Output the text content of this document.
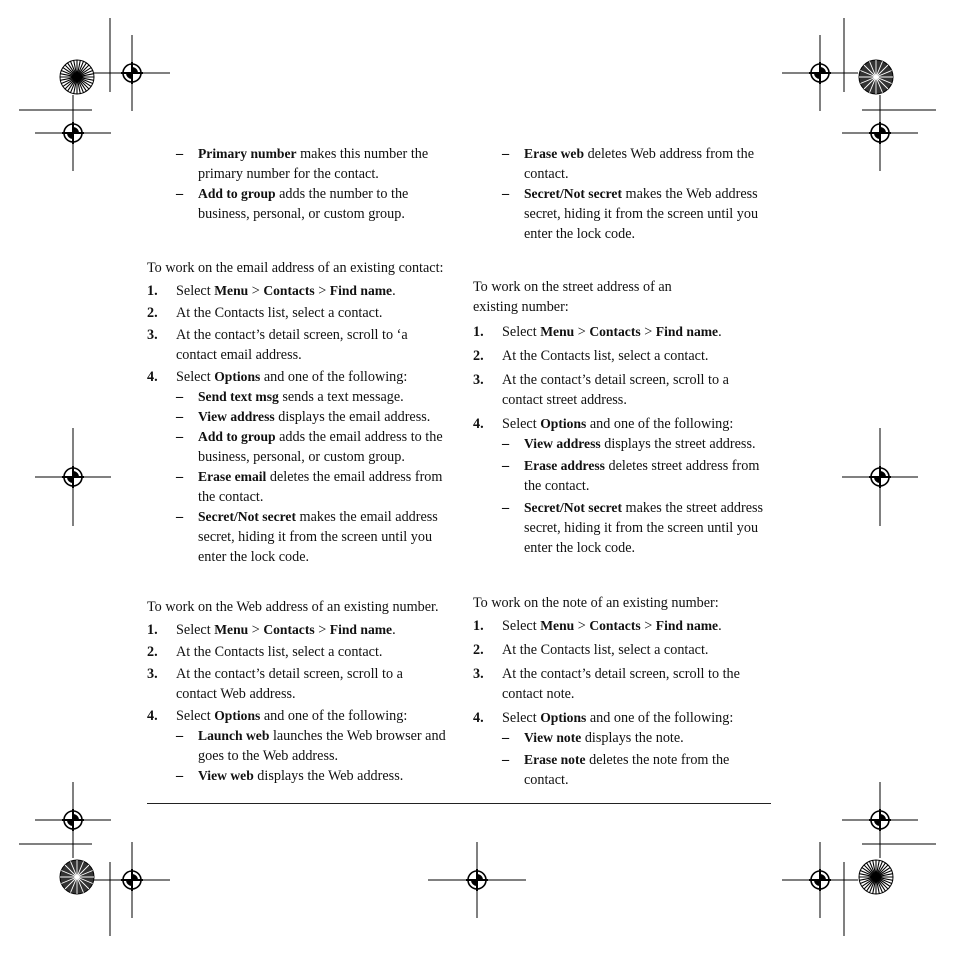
– Primary number makes this number the primary number for the contact.
– Add to group adds the number to the business, personal, or custom group.
– Erase web deletes Web address from the contact.
– Secret/Not secret makes the Web address secret, hiding it from the screen until you enter the lock code.

To work on the email address of an existing contact:

1. Select Menu > Contacts > Find name.
2. At the Contacts list, select a contact.
3. At the contact’s detail screen, scroll to ‘a contact email address.
4. Select Options and one of the following:
– Send text msg sends a text message.
– View address displays the email address.
– Add to group adds the email address to the business, personal, or custom group.
– Erase email deletes the email address from the contact.
– Secret/Not secret makes the email address secret, hiding it from the screen until you enter the lock code.

To work on the Web address of an existing number.

1. Select Menu > Contacts > Find name.
2. At the Contacts list, select a contact.
3. At the contact’s detail screen, scroll to a contact Web address.
4. Select Options and one of the following:
– Launch web launches the Web browser and goes to the Web address.
– View web displays the Web address.

To work on the street address of an existing number:

1. Select Menu > Contacts > Find name.
2. At the Contacts list, select a contact.
3. At the contact’s detail screen, scroll to a contact street address.
4. Select Options and one of the following:
– View address displays the street address.
– Erase address deletes street address from the contact.
– Secret/Not secret makes the street address secret, hiding it from the screen until you enter the lock code.

To work on the note of an existing number:

1. Select Menu > Contacts > Find name.
2. At the Contacts list, select a contact.
3. At the contact’s detail screen, scroll to the contact note.
4. Select Options and one of the following:
– View note displays the note.
– Erase note deletes the note from the contact.
